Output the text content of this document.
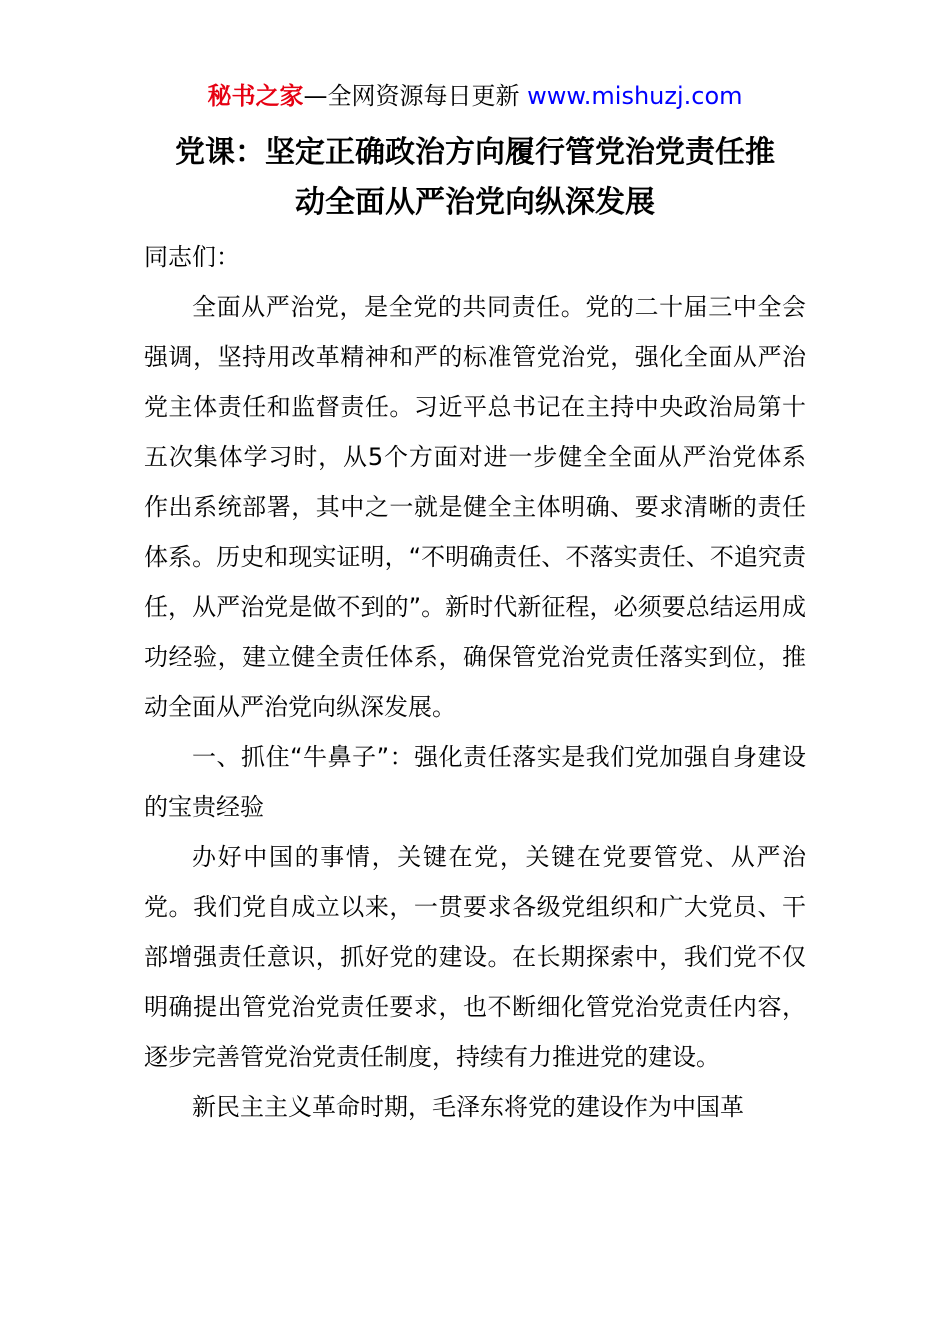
秘书之家—全网资源每日更新 www.mishuzj.com
党课：坚定正确政治方向履行管党治党责任推
动全面从严治党向纵深发展

同志们：

全面从严治党，是全党的共同责任。党的二十届三中全会强调，坚持用改革精神和严的标准管党治党，强化全面从严治党主体责任和监督责任。习近平总书记在主持中央政治局第十五次集体学习时，从5个方面对进一步健全全面从严治党体系作出系统部署，其中之一就是健全主体明确、要求清晰的责任体系。历史和现实证明，“不明确责任、不落实责任、不追究责任，从严治党是做不到的”。新时代新征程，必须要总结运用成功经验，建立健全责任体系，确保管党治党责任落实到位，推动全面从严治党向纵深发展。

一、抓住“牛鼻子”：强化责任落实是我们党加强自身建设的宝贵经验

办好中国的事情，关键在党，关键在党要管党、从严治党。我们党自成立以来，一贯要求各级党组织和广大党员、干部增强责任意识，抓好党的建设。在长期探索中，我们党不仅明确提出管党治党责任要求，也不断细化管党治党责任内容，逐步完善管党治党责任制度，持续有力推进党的建设。

新民主主义革命时期，毛泽东将党的建设作为中国革
